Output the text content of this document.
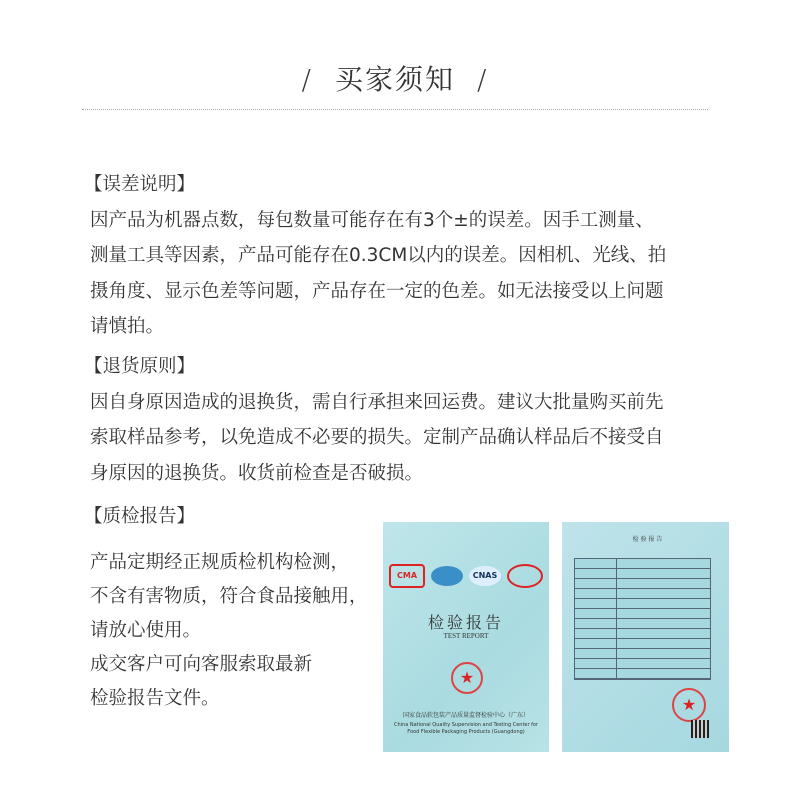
/ 买家须知 /
【误差说明】
因产品为机器点数，每包数量可能存在有3个±的误差。因手工测量、
测量工具等因素，产品可能存在0.3CM以内的误差。因相机、光线、拍
摄角度、显示色差等问题，产品存在一定的色差。如无法接受以上问题
请慎拍。
【退货原则】
因自身原因造成的退换货，需自行承担来回运费。建议大批量购买前先
索取样品参考，以免造成不必要的损失。定制产品确认样品后不接受自
身原因的退换货。收货前检查是否破损。
【质检报告】
产品定期经正规质检机构检测，
不含有害物质，符合食品接触用，
请放心使用。
成交客户可向客服索取最新
检验报告文件。
CMA	CNAS
检验报告
TEST REPORT
★
国家食品软包装产品质量监督检验中心（广东）
China National Quality Supervision and Testing Center for Food Flexible Packaging Products (Guangdong)
检 验 报 告
★
